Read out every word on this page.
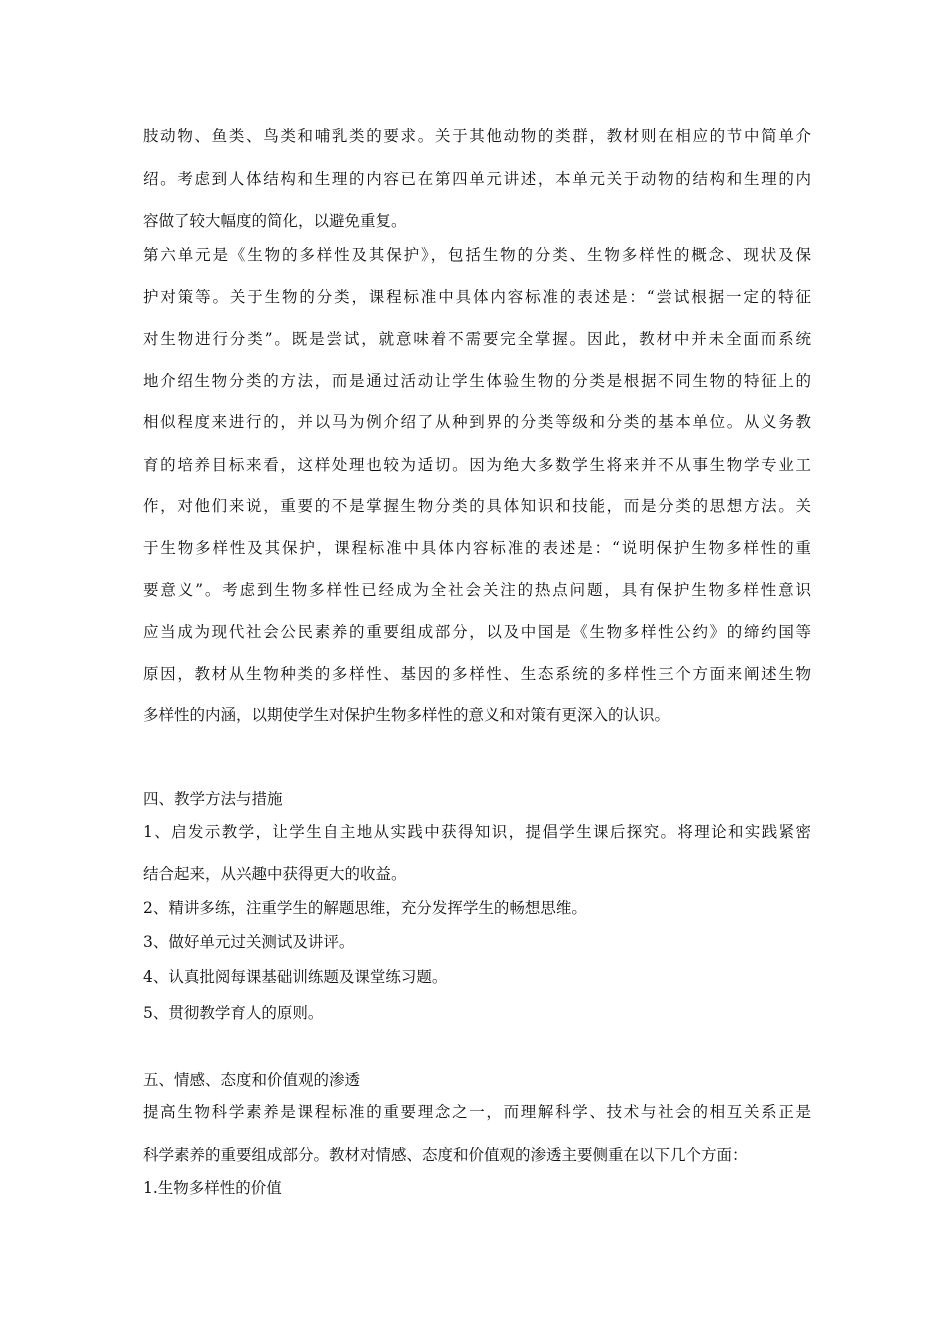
肢动物、鱼类、鸟类和哺乳类的要求。关于其他动物的类群，教材则在相应的节中简单介
绍。考虑到人体结构和生理的内容已在第四单元讲述，本单元关于动物的结构和生理的内
容做了较大幅度的简化，以避免重复。
第六单元是《生物的多样性及其保护》，包括生物的分类、生物多样性的概念、现状及保
护对策等。关于生物的分类，课程标准中具体内容标准的表述是：“尝试根据一定的特征
对生物进行分类”。既是尝试，就意味着不需要完全掌握。因此，教材中并未全面而系统
地介绍生物分类的方法，而是通过活动让学生体验生物的分类是根据不同生物的特征上的
相似程度来进行的，并以马为例介绍了从种到界的分类等级和分类的基本单位。从义务教
育的培养目标来看，这样处理也较为适切。因为绝大多数学生将来并不从事生物学专业工
作，对他们来说，重要的不是掌握生物分类的具体知识和技能，而是分类的思想方法。关
于生物多样性及其保护，课程标准中具体内容标准的表述是：“说明保护生物多样性的重
要意义”。考虑到生物多样性已经成为全社会关注的热点问题，具有保护生物多样性意识
应当成为现代社会公民素养的重要组成部分，以及中国是《生物多样性公约》的缔约国等
原因，教材从生物种类的多样性、基因的多样性、生态系统的多样性三个方面来阐述生物
多样性的内涵，以期使学生对保护生物多样性的意义和对策有更深入的认识。
四、教学方法与措施
1、启发示教学，让学生自主地从实践中获得知识，提倡学生课后探究。将理论和实践紧密
结合起来，从兴趣中获得更大的收益。
2、精讲多练，注重学生的解题思维，充分发挥学生的畅想思维。
3、做好单元过关测试及讲评。
4、认真批阅每课基础训练题及课堂练习题。
5、贯彻教学育人的原则。
五、情感、态度和价值观的渗透
提高生物科学素养是课程标准的重要理念之一，而理解科学、技术与社会的相互关系正是
科学素养的重要组成部分。教材对情感、态度和价值观的渗透主要侧重在以下几个方面：
1.生物多样性的价值
